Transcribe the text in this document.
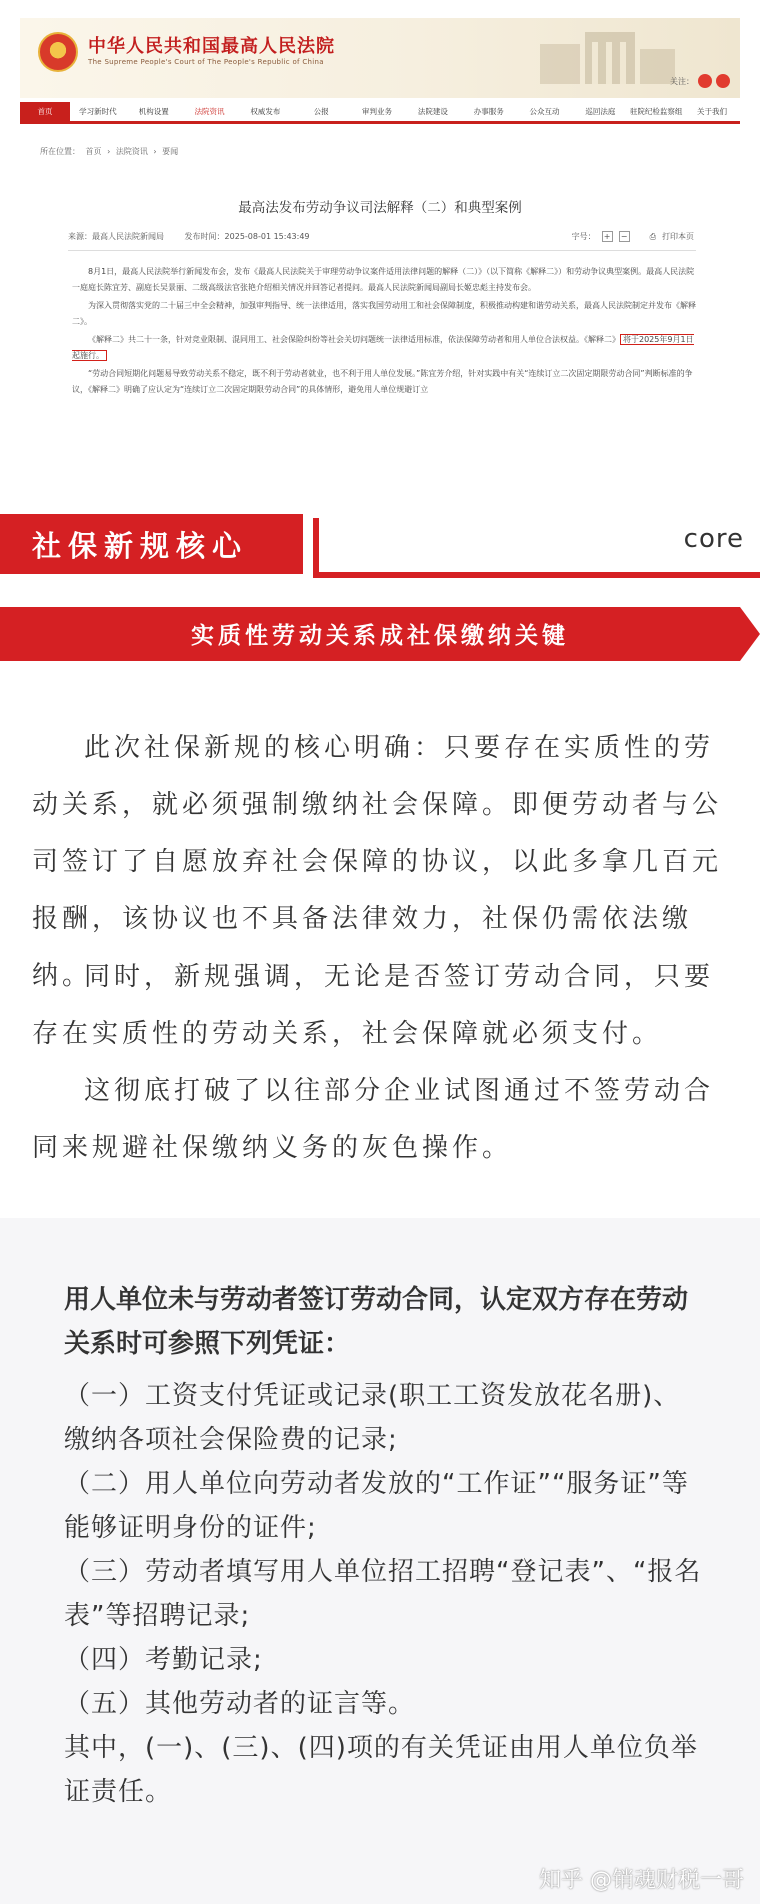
中华人民共和国最高人民法院
The Supreme People's Court of The People's Republic of China
关注：
首页	学习新时代	机构设置	法院资讯	权威发布	公报	审判业务	法院建设	办事服务	公众互动	巡回法庭	驻院纪检监察组	关于我们
所在位置： 首页 › 法院资讯 › 要闻
最高法发布劳动争议司法解释（二）和典型案例
来源：最高人民法院新闻局	发布时间：2025-08-01 15:43:49	字号： + −	⎙ 打印本页

8月1日，最高人民法院举行新闻发布会，发布《最高人民法院关于审理劳动争议案件适用法律问题的解释（二）》（以下简称《解释二》）和劳动争议典型案例。最高人民法院一庭庭长陈宜芳、副庭长吴景丽、二级高级法官张艳介绍相关情况并回答记者提问。最高人民法院新闻局副局长姬忠彪主持发布会。

为深入贯彻落实党的二十届三中全会精神，加强审判指导、统一法律适用，落实我国劳动用工和社会保障制度，积极推动构建和谐劳动关系，最高人民法院制定并发布《解释二》。

《解释二》共二十一条，针对竞业限制、混同用工、社会保险纠纷等社会关切问题统一法律适用标准，依法保障劳动者和用人单位合法权益。《解释二》 将于2025年9月1日起施行。

“劳动合同短期化问题易导致劳动关系不稳定，既不利于劳动者就业，也不利于用人单位发展。”陈宜芳介绍，针对实践中有关“连续订立二次固定期限劳动合同”判断标准的争议，《解释二》明确了应认定为“连续订立二次固定期限劳动合同”的具体情形，避免用人单位规避订立

社保新规核心	core
实质性劳动关系成社保缴纳关键
此次社保新规的核心明确：只要存在实质性的劳动关系，就必须强制缴纳社会保障。即便劳动者与公司签订了自愿放弃社会保障的协议，以此多拿几百元报酬，该协议也不具备法律效力，社保仍需依法缴纳。
同时，新规强调，无论是否签订劳动合同，只要存在实质性的劳动关系，社会保障就必须支付。
这彻底打破了以往部分企业试图通过不签劳动合同来规避社保缴纳义务的灰色操作。
用人单位未与劳动者签订劳动合同，认定双方存在劳动关系时可参照下列凭证：
（一）工资支付凭证或记录(职工工资发放花名册)、缴纳各项社会保险费的记录;
（二）用人单位向劳动者发放的“工作证”“服务证”等能够证明身份的证件;
（三）劳动者填写用人单位招工招聘“登记表”、“报名表”等招聘记录;
（四）考勤记录;
（五）其他劳动者的证言等。
其中，(一)、(三)、(四)项的有关凭证由用人单位负举证责任。
知乎 @销魂财税一哥
